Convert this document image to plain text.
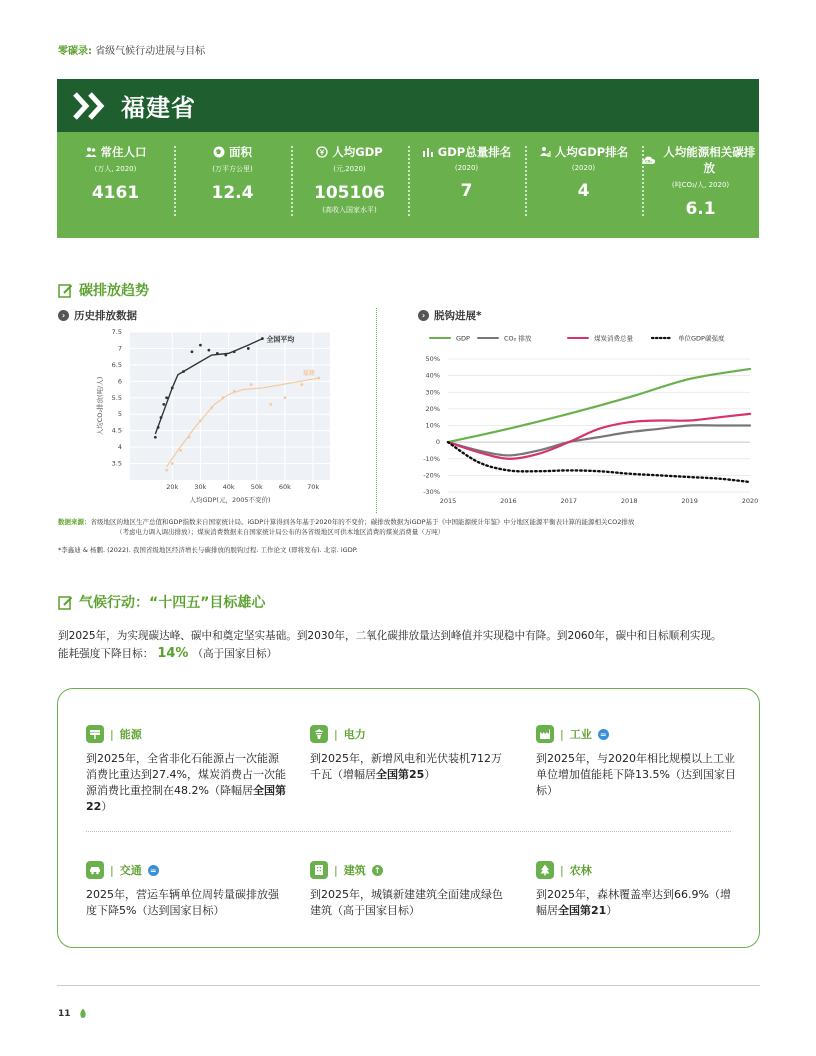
零碳录: 省级气候行动进展与目标
福建省
常住人口
(万人, 2020)
4161
面积
(万平方公里)
12.4
人均GDP
(元,2020)
105106
(高收入国家水平)
GDP总量排名
(2020)
7
人均GDP排名
(2020)
4
CO₂
人均能源相关碳排放
(吨CO₂/人, 2020)
6.1
碳排放趋势
› 历史排放数据	› 脱钩进展*
20k 30k 40k 50k 60k 70k
3.5
4
4.5
5
5.5
6
6.5
7
7.5
全国平均
福建
人均GDP(元，2005不变价)
人均CO₂排放(吨/人)
GDP	CO₂ 排放	煤炭消费总量	单位GDP碳强度
50%
40%
30%
20%
10%
0
-10%
-20%
-30%
2015	2016	2017	2018	2019	2020
数据来源：省级地区的地区生产总值和GDP指数来自国家统计局。iGDP计算得到各年基于2020年的不变价；碳排放数据为iGDP基于《中国能源统计年鉴》中分地区能源平衡表计算的能源相关CO2排放
（考虑电力调入调出排放）；煤炭消费数据来自国家统计局公布的各省级地区可供本地区消费的煤炭消费量（万吨）
*李鑫迪 & 杨鹏. (2022). 我国省级地区经济增长与碳排放的脱钩过程. 工作论文 (即将发布). 北京. iGDP.
气候行动：“十四五”目标雄心
到2025年，为实现碳达峰、碳中和奠定坚实基础。到2030年，二氧化碳排放量达到峰值并实现稳中有降。到2060年，碳中和目标顺利实现。
能耗强度下降目标： 14% （高于国家目标）
| 能源
到2025年，全省非化石能源占一次能源消费比重达到27.4%，煤炭消费占一次能源消费比重控制在48.2%（降幅居全国第22）
| 电力
到2025年，新增风电和光伏装机712万千瓦（增幅居全国第25）
| 工业 =
到2025年，与2020年相比规模以上工业单位增加值能耗下降13.5%（达到国家目标）
| 交通 =
2025年，营运车辆单位周转量碳排放强度下降5%（达到国家目标）
| 建筑 ↑
到2025年，城镇新建建筑全面建成绿色建筑（高于国家目标）
| 农林
到2025年，森林覆盖率达到66.9%（增幅居全国第21）
11
